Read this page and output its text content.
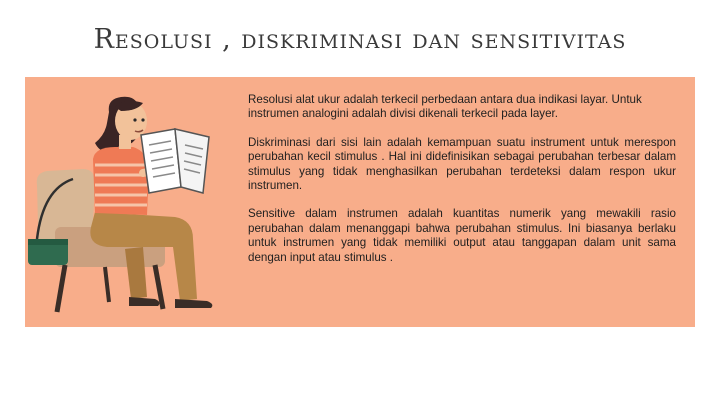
Resolusi , diskriminasi dan sensitivitas

Resolusi alat ukur adalah terkecil perbedaan antara dua indikasi layar. Untuk instrumen analogini adalah divisi dikenali terkecil pada layer.

Diskriminasi dari sisi lain adalah kemampuan suatu instrument untuk merespon perubahan kecil stimulus . Hal ini didefinisikan sebagai perubahan terbesar dalam stimulus yang tidak menghasilkan perubahan terdeteksi dalam respon ukur instrumen.

Sensitive dalam instrumen adalah kuantitas numerik yang mewakili rasio perubahan dalam menanggapi bahwa perubahan stimulus. Ini biasanya berlaku untuk instrumen yang tidak memiliki output atau tanggapan dalam unit sama dengan input atau stimulus .
